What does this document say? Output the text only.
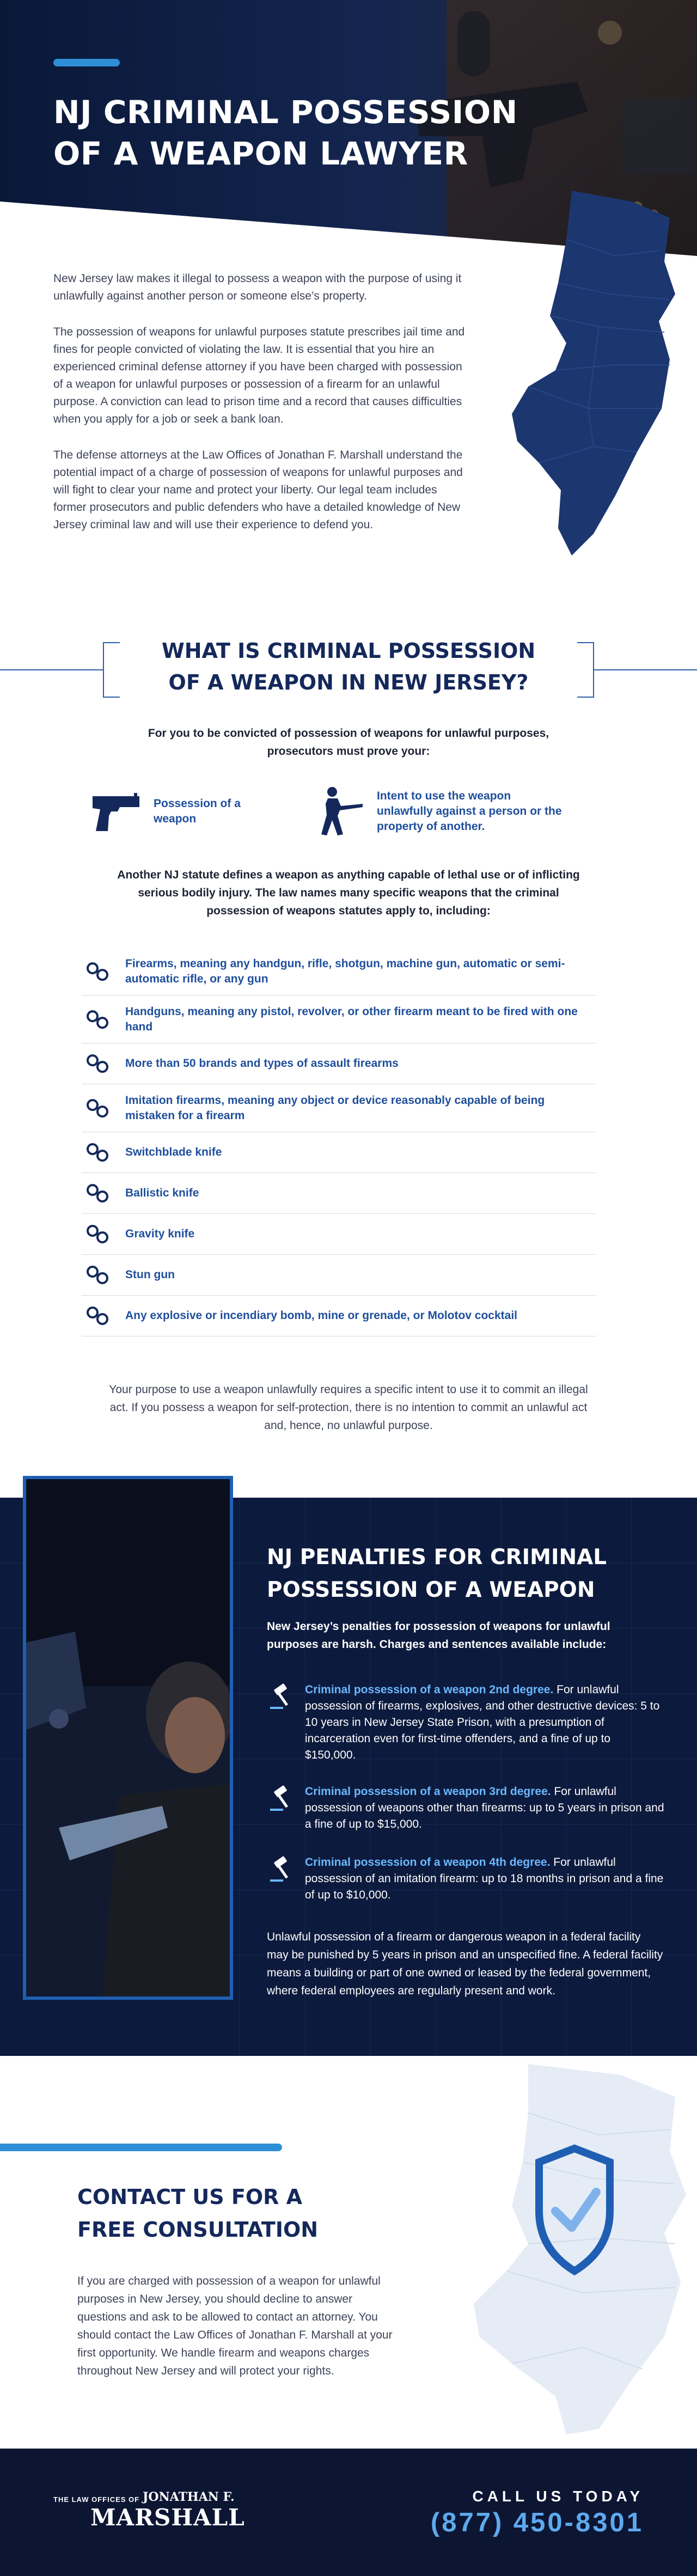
NJ CRIMINAL POSSESSION
OF A WEAPON LAWYER

New Jersey law makes it illegal to possess a weapon with the purpose of using it unlawfully against another person or someone else’s property.

The possession of weapons for unlawful purposes statute prescribes jail time and fines for people convicted of violating the law. It is essential that you hire an experienced criminal defense attorney if you have been charged with possession of a weapon for unlawful purposes or possession of a firearm for an unlawful purpose. A conviction can lead to prison time and a record that causes difficulties when you apply for a job or seek a bank loan.

The defense attorneys at the Law Offices of Jonathan F. Marshall understand the potential impact of a charge of possession of weapons for unlawful purposes and will fight to clear your name and protect your liberty. Our legal team includes former prosecutors and public defenders who have a detailed knowledge of New Jersey criminal law and will use their experience to defend you.

WHAT IS CRIMINAL POSSESSION
OF A WEAPON IN NEW JERSEY?

For you to be convicted of possession of weapons for unlawful purposes, prosecutors must prove your:

Possession of a weapon
Intent to use the weapon unlawfully against a person or the property of another.

Another NJ statute defines a weapon as anything capable of lethal use or of inflicting serious bodily injury. The law names many specific weapons that the criminal possession of weapons statutes apply to, including:

Firearms, meaning any handgun, rifle, shotgun, machine gun, automatic or semi-automatic rifle, or any gun
Handguns, meaning any pistol, revolver, or other firearm meant to be fired with one hand
More than 50 brands and types of assault firearms
Imitation firearms, meaning any object or device reasonably capable of being mistaken for a firearm
Switchblade knife
Ballistic knife
Gravity knife
Stun gun
Any explosive or incendiary bomb, mine or grenade, or Molotov cocktail

Your purpose to use a weapon unlawfully requires a specific intent to use it to commit an illegal act. If you possess a weapon for self-protection, there is no intention to commit an unlawful act and, hence, no unlawful purpose.

NJ PENALTIES FOR CRIMINAL
POSSESSION OF A WEAPON

New Jersey’s penalties for possession of weapons for unlawful purposes are harsh. Charges and sentences available include:

Criminal possession of a weapon 2nd degree. For unlawful possession of firearms, explosives, and other destructive devices: 5 to 10 years in New Jersey State Prison, with a presumption of incarceration even for first-time offenders, and a fine of up to $150,000.

Criminal possession of a weapon 3rd degree. For unlawful possession of weapons other than firearms: up to 5 years in prison and a fine of up to $15,000.

Criminal possession of a weapon 4th degree. For unlawful possession of an imitation firearm: up to 18 months in prison and a fine of up to $10,000.

Unlawful possession of a firearm or dangerous weapon in a federal facility may be punished by 5 years in prison and an unspecified fine. A federal facility means a building or part of one owned or leased by the federal government, where federal employees are regularly present and work.

CONTACT US FOR A
FREE CONSULTATION

If you are charged with possession of a weapon for unlawful purposes in New Jersey, you should decline to answer questions and ask to be allowed to contact an attorney. You should contact the Law Offices of Jonathan F. Marshall at your first opportunity. We handle firearm and weapons charges throughout New Jersey and will protect your rights.

THE LAW OFFICES OF JONATHAN F.
MARSHALL
CALL US TODAY
(877) 450-8301
